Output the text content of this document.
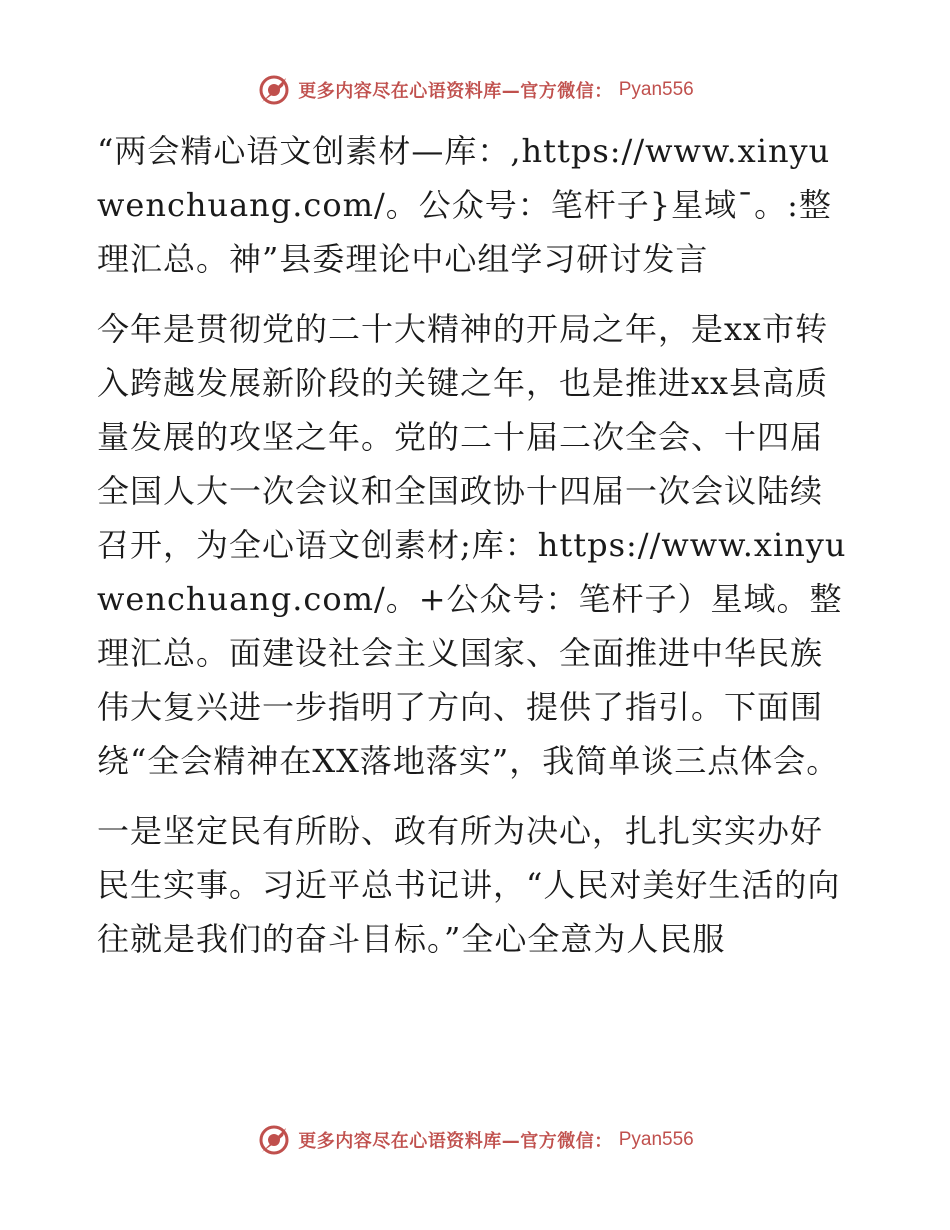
更多内容尽在心语资料库—官方微信： Pyan556

“两会精心语文创素材—库：,https://www.xinyuwenchuang.com/。公众号：笔杆子}星域¯。:整理汇总。神”县委理论中心组学习研讨发言

今年是贯彻党的二十大精神的开局之年，是xx市转入跨越发展新阶段的关键之年，也是推进xx县高质量发展的攻坚之年。党的二十届二次全会、十四届全国人大一次会议和全国政协十四届一次会议陆续召开，为全心语文创素材;库：https://www.xinyuwenchuang.com/。+公众号：笔杆子）星域。整理汇总。面建设社会主义国家、全面推进中华民族伟大复兴进一步指明了方向、提供了指引。下面围绕“全会精神在XX落地落实”，我简单谈三点体会。

一是坚定民有所盼、政有所为决心，扎扎实实办好民生实事。习近平总书记讲，“人民对美好生活的向往就是我们的奋斗目标。”全心全意为人民服

更多内容尽在心语资料库—官方微信： Pyan556
